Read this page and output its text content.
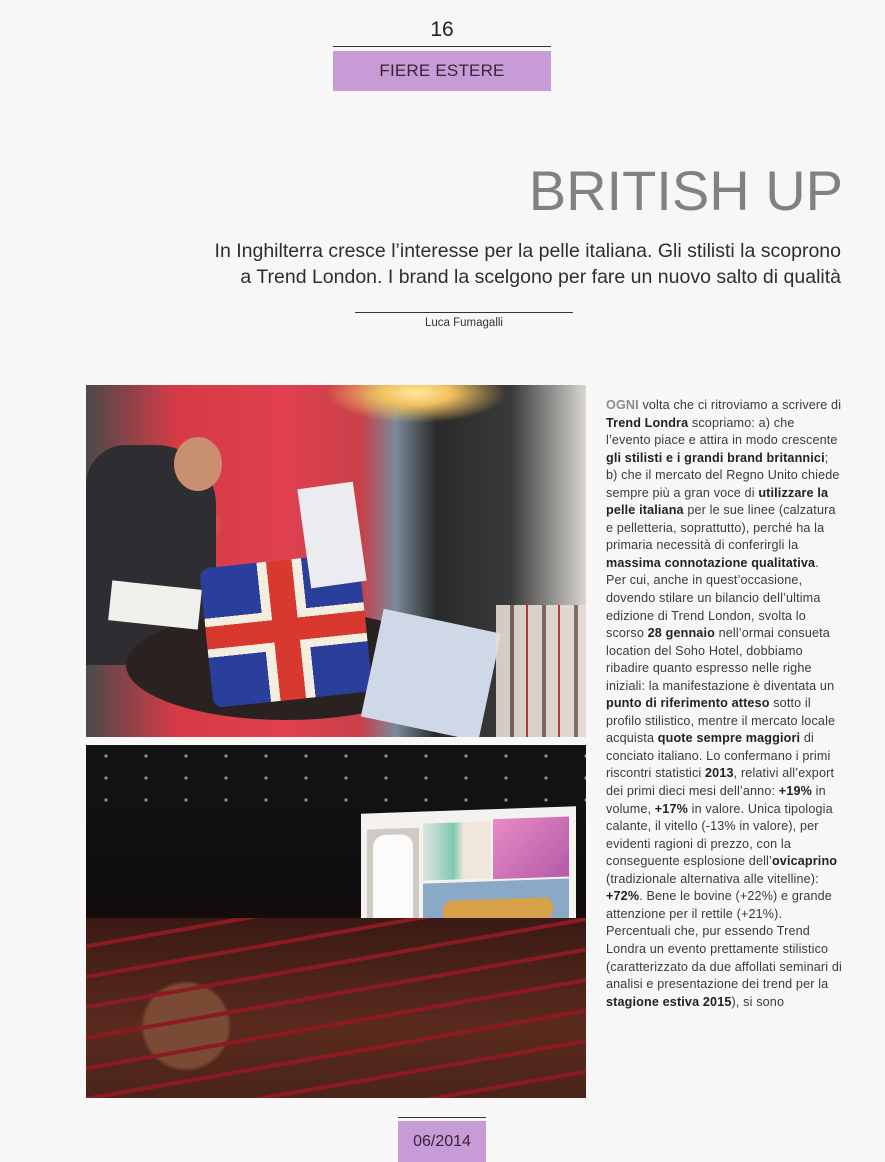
16
FIERE ESTERE
BRITISH UP
In Inghilterra cresce l’interesse per la pelle italiana. Gli stilisti la scoprono
a Trend London. I brand la scelgono per fare un nuovo salto di qualità
Luca Fumagalli

OGNI volta che ci ritroviamo a scrivere di Trend Londra scopriamo: a) che l’evento piace e attira in modo crescente gli stilisti e i grandi brand britannici; b) che il mercato del Regno Unito chiede sempre più a gran voce di utilizzare la pelle italiana per le sue linee (calzatura e pelletteria, soprattutto), perché ha la primaria necessità di conferirgli la massima connotazione qualitativa. Per cui, anche in quest’occasione, dovendo stilare un bilancio dell’ultima edizione di Trend London, svolta lo scorso 28 gennaio nell’ormai consueta location del Soho Hotel, dobbiamo ribadire quanto espresso nelle righe iniziali: la manifestazione è diventata un punto di riferimento atteso sotto il profilo stilistico, mentre il mercato locale acquista quote sempre maggiori di conciato italiano. Lo confermano i primi riscontri statistici 2013, relativi all’export dei primi dieci mesi dell’anno: +19% in volume, +17% in valore. Unica tipologia calante, il vitello (-13% in valore), per evidenti ragioni di prezzo, con la conseguente esplosione dell’ovicaprino (tradizionale alternativa alle vitelline): +72%. Bene le bovine (+22%) e grande attenzione per il rettile (+21%). Percentuali che, pur essendo Trend Londra un evento prettamente stilistico (caratterizzato da due affollati seminari di analisi e presentazione dei trend per la stagione estiva 2015), si sono

06/2014
